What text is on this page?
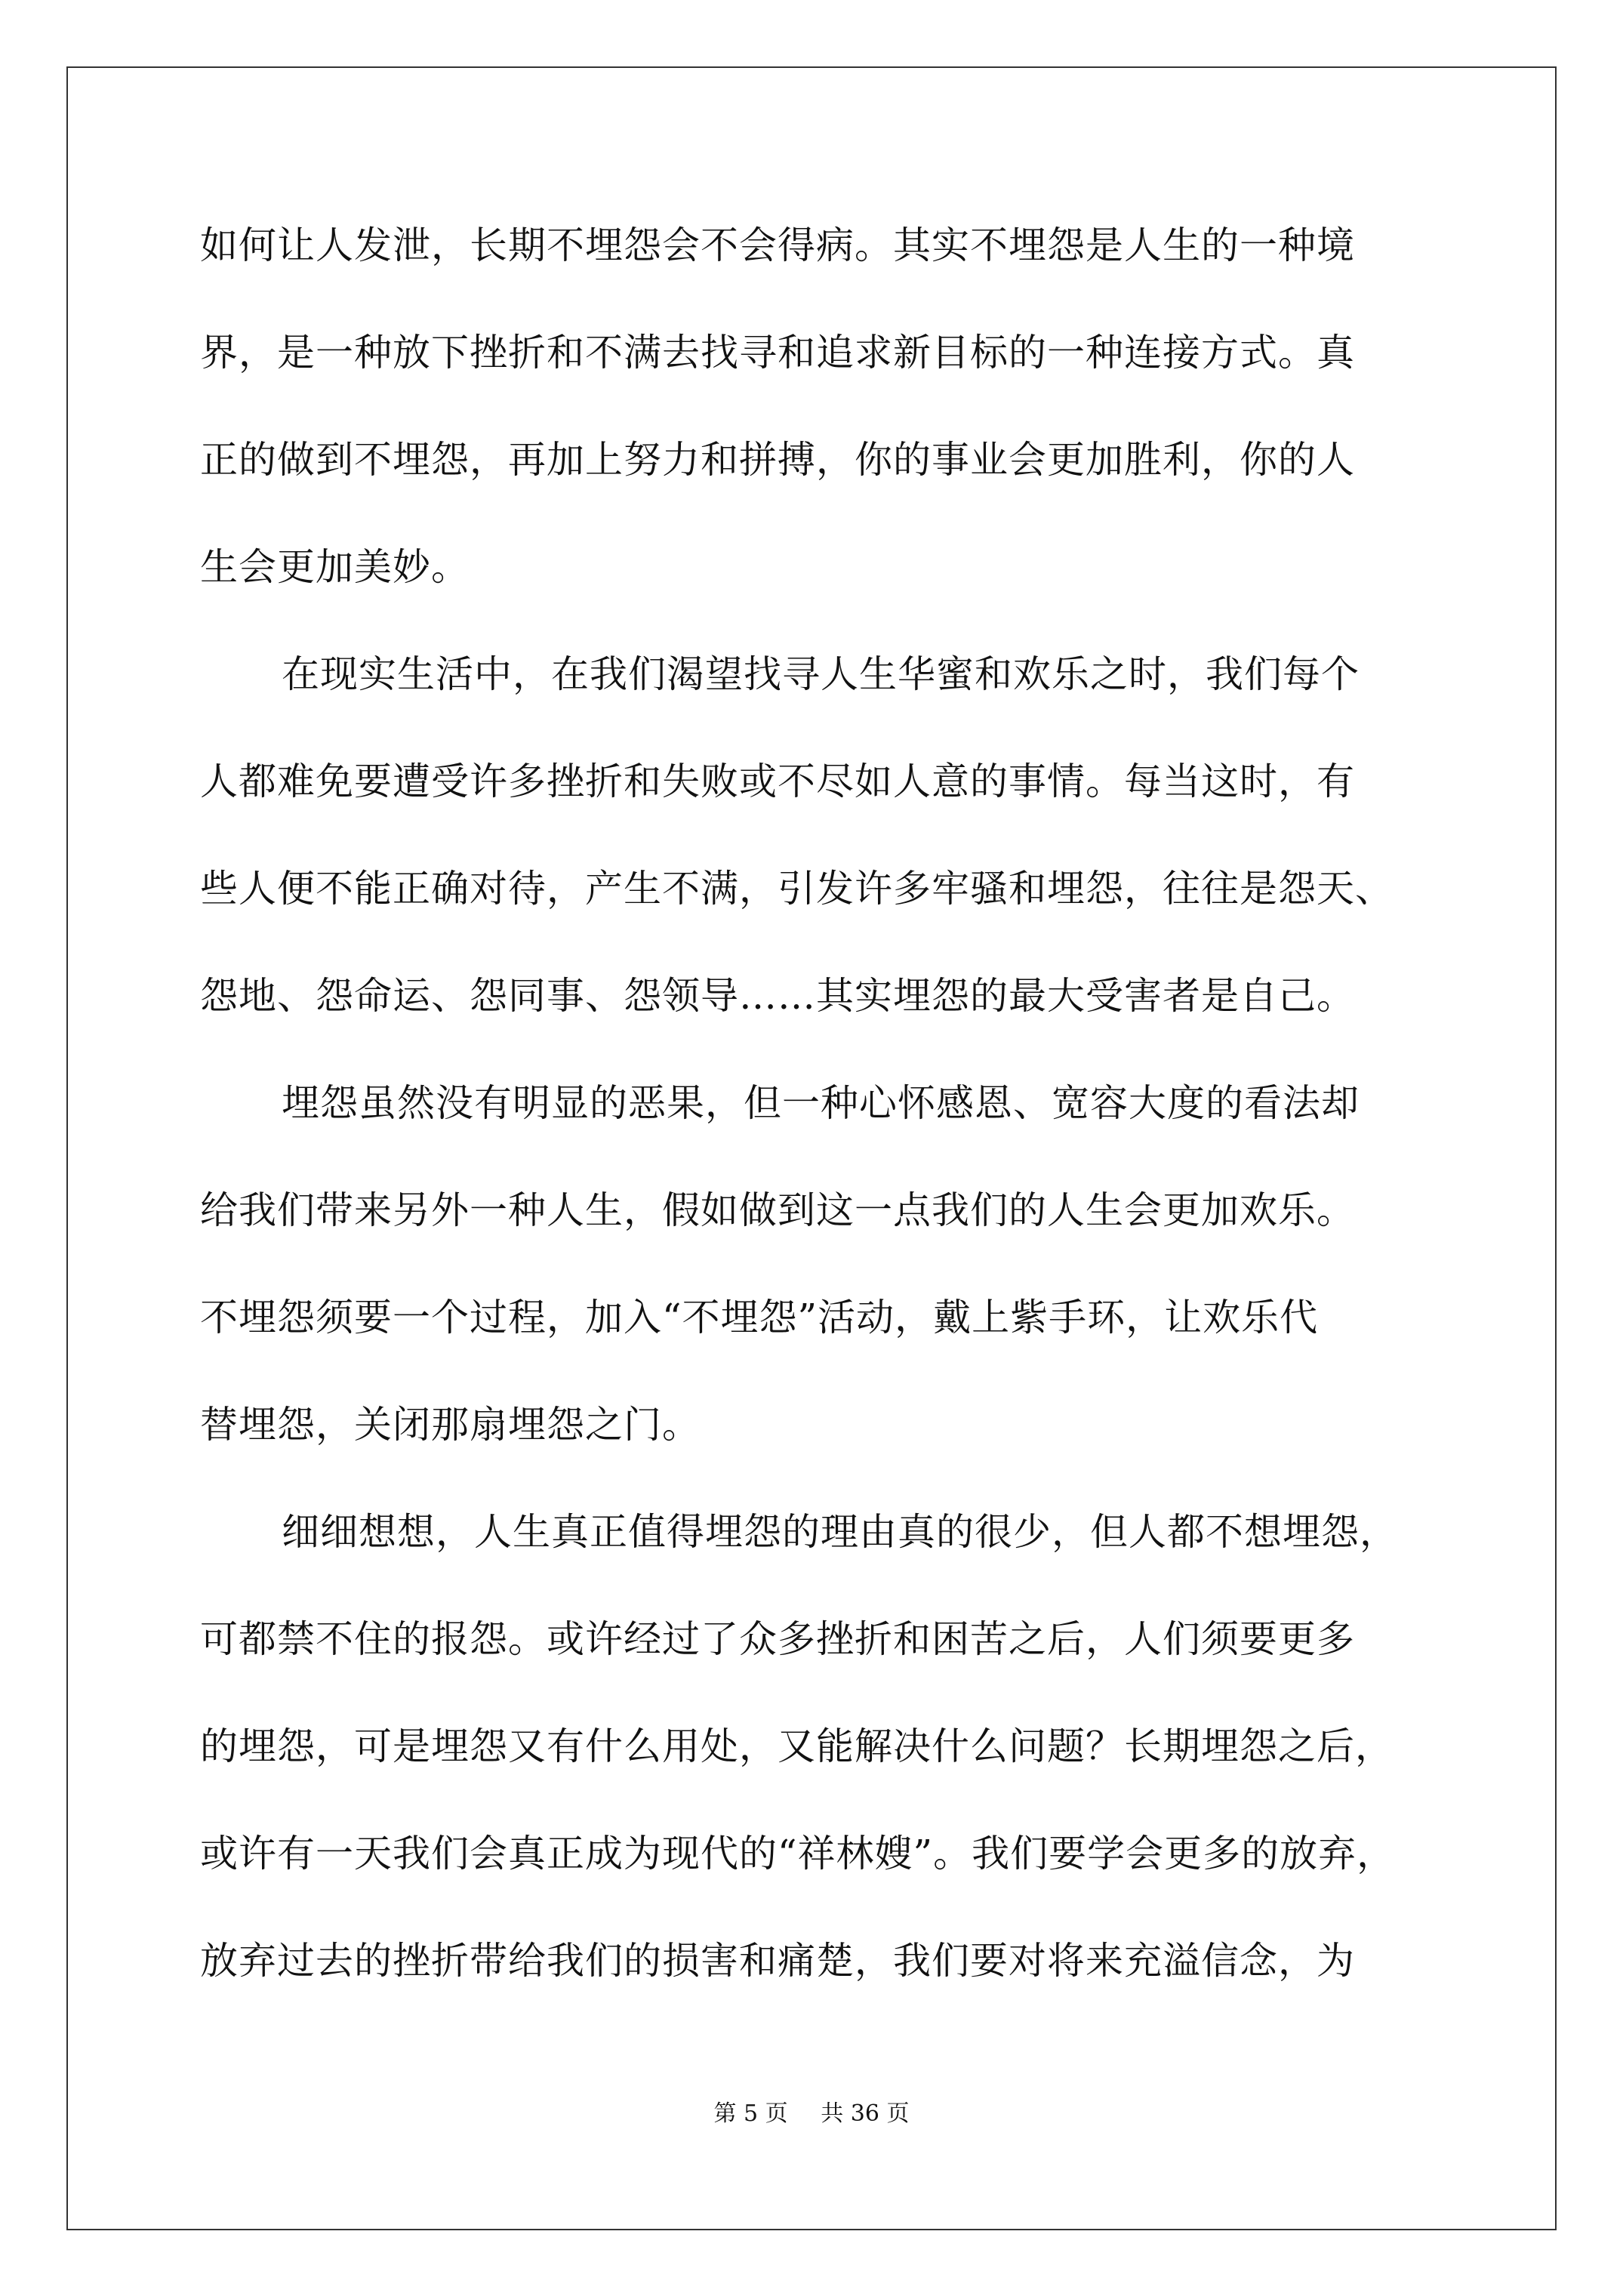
如何让人发泄，长期不埋怨会不会得病。其实不埋怨是人生的一种境
界，是一种放下挫折和不满去找寻和追求新目标的一种连接方式。真
正的做到不埋怨，再加上努力和拼搏，你的事业会更加胜利，你的人
生会更加美妙。
在现实生活中，在我们渴望找寻人生华蜜和欢乐之时，我们每个
人都难免要遭受许多挫折和失败或不尽如人意的事情。每当这时，有
些人便不能正确对待，产生不满，引发许多牢骚和埋怨，往往是怨天、
怨地、怨命运、怨同事、怨领导……其实埋怨的最大受害者是自己。
埋怨虽然没有明显的恶果，但一种心怀感恩、宽容大度的看法却
给我们带来另外一种人生，假如做到这一点我们的人生会更加欢乐。
不埋怨须要一个过程，加入“不埋怨”活动，戴上紫手环，让欢乐代
替埋怨，关闭那扇埋怨之门。
细细想想，人生真正值得埋怨的理由真的很少，但人都不想埋怨，
可都禁不住的报怨。或许经过了众多挫折和困苦之后，人们须要更多
的埋怨，可是埋怨又有什么用处，又能解决什么问题？长期埋怨之后，
或许有一天我们会真正成为现代的“祥林嫂”。我们要学会更多的放弃，
放弃过去的挫折带给我们的损害和痛楚，我们要对将来充溢信念，为
第 5 页 共 36 页
